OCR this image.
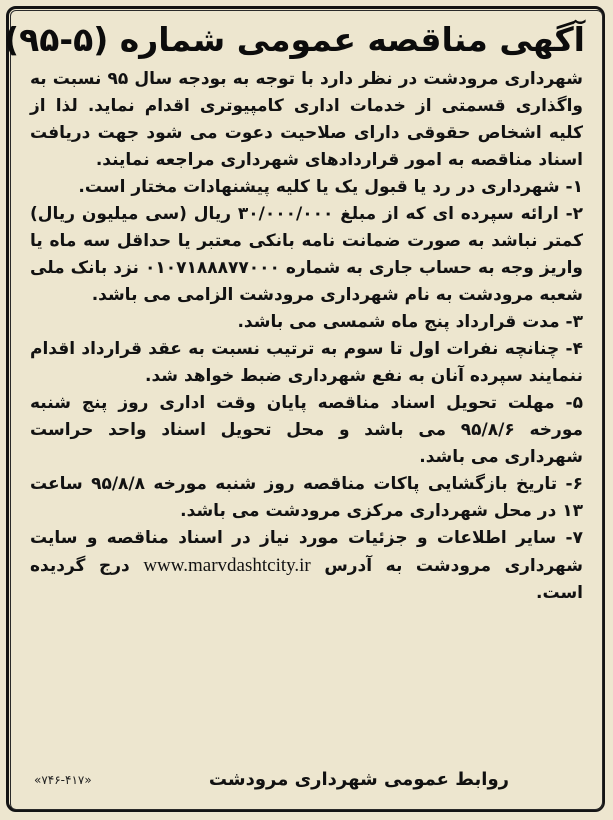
آگهی مناقصه عمومی شماره (۵-۹۵)

شهرداری مرودشت در نظر دارد با توجه به بودجه سال ۹۵ نسبت به واگذاری قسمتی از خدمات اداری کامپیوتری اقدام نماید. لذا از کلیه اشخاص حقوقی دارای صلاحیت دعوت می شود جهت دریافت اسناد مناقصه به امور قراردادهای شهرداری مراجعه نمایند.

۱- شهرداری در رد یا قبول یک یا کلیه پیشنهادات مختار است.

۲- ارائه سپرده ای که از مبلغ ۳۰/۰۰۰/۰۰۰ ریال (سی میلیون ریال) کمتر نباشد به صورت ضمانت نامه بانکی معتبر یا حداقل سه ماه یا واریز وجه به حساب جاری به شماره ۰۱۰۷۱۸۸۸۷۷۰۰۰ نزد بانک ملی شعبه مرودشت به نام شهرداری مرودشت الزامی می باشد.

۳- مدت قرارداد پنج ماه شمسی می باشد.

۴- چنانچه نفرات اول تا سوم به ترتیب نسبت به عقد قرارداد اقدام ننمایند سپرده آنان به نفع شهرداری ضبط خواهد شد.

۵- مهلت تحویل اسناد مناقصه پایان وقت اداری روز پنج شنبه مورخه ۹۵/۸/۶ می باشد و محل تحویل اسناد واحد حراست شهرداری می باشد.

۶- تاریخ بازگشایی پاکات مناقصه روز شنبه مورخه ۹۵/۸/۸ ساعت ۱۳ در محل شهرداری مرکزی مرودشت می باشد.

۷- سایر اطلاعات و جزئیات مورد نیاز در اسناد مناقصه و سایت شهرداری مرودشت به آدرس www.marvdashtcity.ir درج گردیده است.

روابط عمومی شهرداری مرودشت
«۷۴۶-۴۱۷»
